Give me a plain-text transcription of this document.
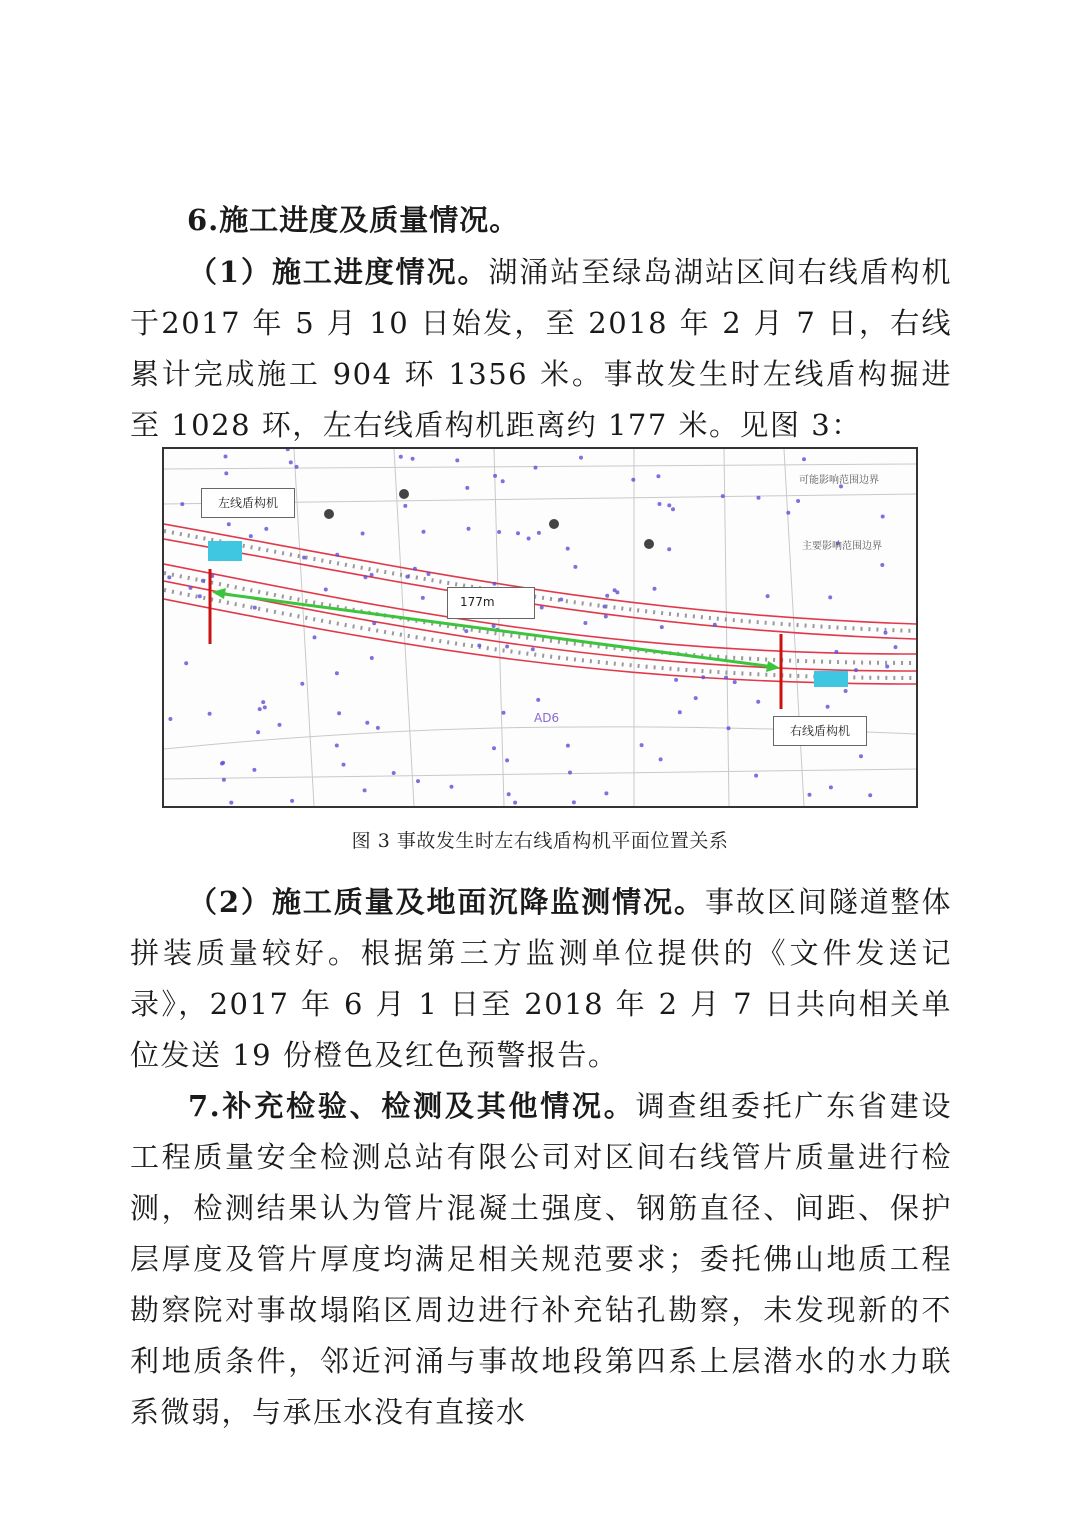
6.施工进度及质量情况。

（1）施工进度情况。湖涌站至绿岛湖站区间右线盾构机于2017 年 5 月 10 日始发，至 2018 年 2 月 7 日，右线累计完成施工 904 环 1356 米。事故发生时左线盾构掘进至 1028 环，左右线盾构机距离约 177 米。见图 3：

左线盾构机
177m
右线盾构机
可能影响范围边界
主要影响范围边界
AD6
图 3 事故发生时左右线盾构机平面位置关系

（2）施工质量及地面沉降监测情况。事故区间隧道整体拼装质量较好。根据第三方监测单位提供的《文件发送记录》，2017 年 6 月 1 日至 2018 年 2 月 7 日共向相关单位发送 19 份橙色及红色预警报告。

7.补充检验、检测及其他情况。调查组委托广东省建设工程质量安全检测总站有限公司对区间右线管片质量进行检测，检测结果认为管片混凝土强度、钢筋直径、间距、保护层厚度及管片厚度均满足相关规范要求；委托佛山地质工程勘察院对事故塌陷区周边进行补充钻孔勘察，未发现新的不利地质条件，邻近河涌与事故地段第四系上层潜水的水力联系微弱，与承压水没有直接水
